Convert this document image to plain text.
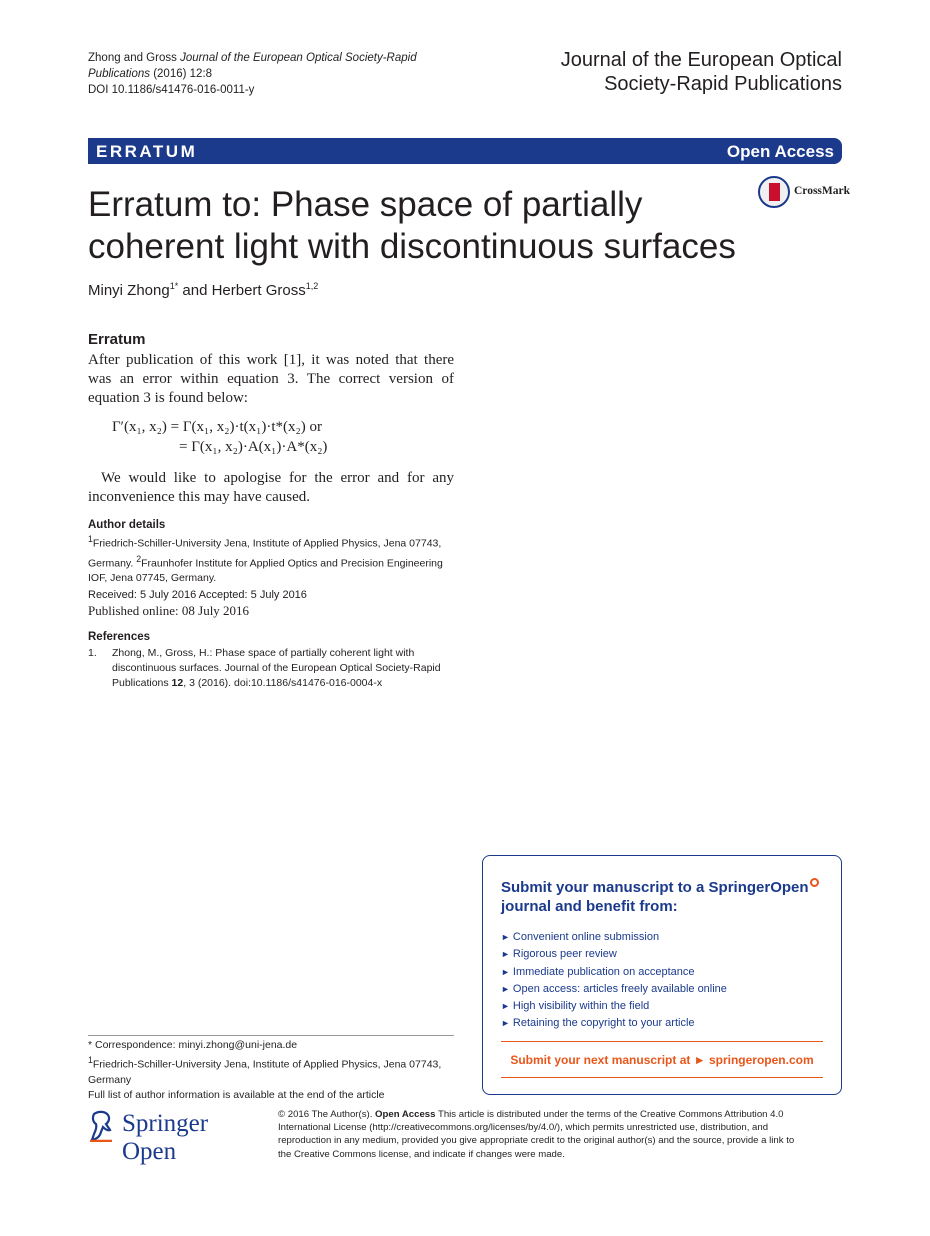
Zhong and Gross Journal of the European Optical Society-Rapid
Publications (2016) 12:8
DOI 10.1186/s41476-016-0011-y
Journal of the European Optical
Society-Rapid Publications
ERRATUM	Open Access
CrossMark
Erratum to: Phase space of partially
coherent light with discontinuous surfaces
Minyi Zhong$^{1*}$ and Herbert Gross$^{1,2}$
Erratum
After publication of this work [1], it was noted that there was an error within equation 3. The correct version of equation 3 is found below:
Γ′(x₁, x₂) = Γ(x₁, x₂)·t(x₁)·t*(x₂) or
= Γ(x₁, x₂)·A(x₁)·A*(x₂)
We would like to apologise for the error and for any inconvenience this may have caused.
Author details
$^1$Friedrich-Schiller-University Jena, Institute of Applied Physics, Jena 07743, Germany. $^2$Fraunhofer Institute for Applied Optics and Precision Engineering IOF, Jena 07745, Germany.
Received: 5 July 2016 Accepted: 5 July 2016
Published online: 08 July 2016
References
1. Zhong, M., Gross, H.: Phase space of partially coherent light with discontinuous surfaces. Journal of the European Optical Society-Rapid Publications 12, 3 (2016). doi:10.1186/s41476-016-0004-x
* Correspondence: minyi.zhong@uni-jena.de
$^1$Friedrich-Schiller-University Jena, Institute of Applied Physics, Jena 07743, Germany
Full list of author information is available at the end of the article
Submit your manuscript to a SpringerOpen
journal and benefit from:
► Convenient online submission
► Rigorous peer review
► Immediate publication on acceptance
► Open access: articles freely available online
► High visibility within the field
► Retaining the copyright to your article
Submit your next manuscript at ► springeropen.com
Springer Open
© 2016 The Author(s). Open Access This article is distributed under the terms of the Creative Commons Attribution 4.0 International License (http://creativecommons.org/licenses/by/4.0/), which permits unrestricted use, distribution, and reproduction in any medium, provided you give appropriate credit to the original author(s) and the source, provide a link to the Creative Commons license, and indicate if changes were made.
